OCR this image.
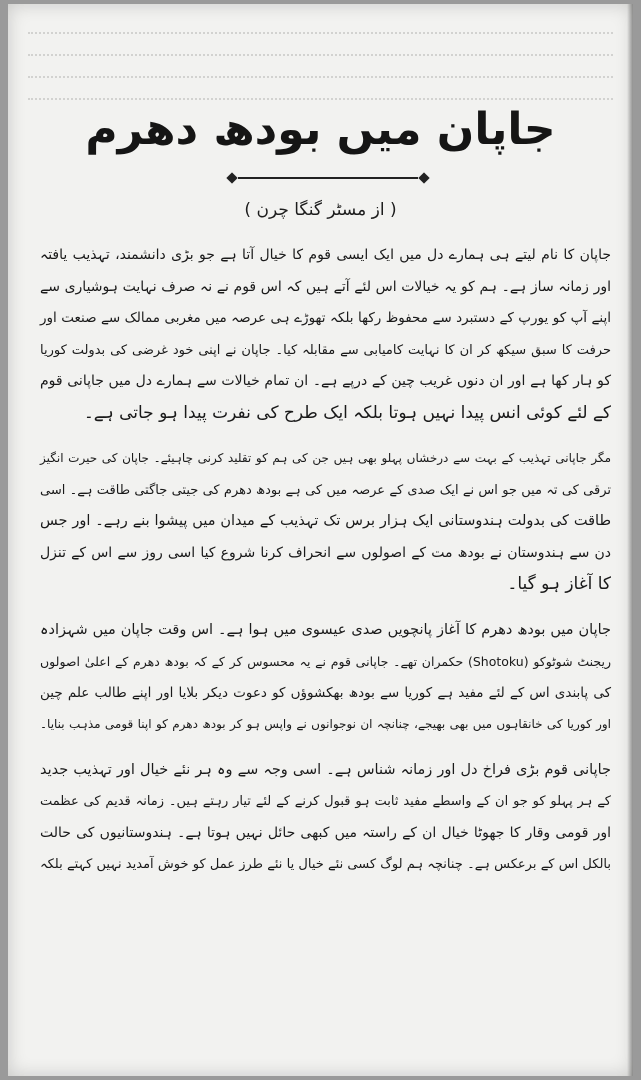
جاپان میں بودھ دھرم
( از مسٹر گنگا چرن )
جاپان کا نام لیتے ہی ہمارے دل میں ایک ایسی قوم کا خیال آتا ہے جو بڑی دانشمند، تہذیب یافتہ
اور زمانہ ساز ہے۔ ہم کو یہ خیالات اس لئے آتے ہیں کہ اس قوم نے نہ صرف نہایت ہوشیاری سے
اپنے آپ کو یورپ کے دستبرد سے محفوظ رکھا بلکہ تھوڑے ہی عرصہ میں مغربی ممالک سے صنعت اور
حرفت کا سبق سیکھ کر ان کا نہایت کامیابی سے مقابلہ کیا۔ جاپان نے اپنی خود غرضی کی بدولت کوریا
کو ہار کھا ہے اور ان دنوں غریب چین کے درپے ہے۔ ان تمام خیالات سے ہمارے دل میں جاپانی قوم
کے لئے کوئی انس پیدا نہیں ہوتا بلکہ ایک طرح کی نفرت پیدا ہو جاتی ہے۔
مگر جاپانی تہذیب کے بہت سے درخشاں پہلو بھی ہیں جن کی ہم کو تقلید کرنی چاہیئے۔ جاپان کی حیرت انگیز
ترقی کی تہ میں جو اس نے ایک صدی کے عرصہ میں کی ہے بودھ دھرم کی جیتی جاگتی طاقت ہے۔ اسی
طاقت کی بدولت ہندوستانی ایک ہزار برس تک تہذیب کے میدان میں پیشوا بنے رہے۔ اور جس
دن سے ہندوستان نے بودھ مت کے اصولوں سے انحراف کرنا شروع کیا اسی روز سے اس کے تنزل
کا آغاز ہو گیا۔
جاپان میں بودھ دھرم کا آغاز پانچویں صدی عیسوی میں ہوا ہے۔ اس وقت جاپان میں شہزادہ
ریجنٹ شوٹوکو (Shotoku) حکمران تھے۔ جاپانی قوم نے یہ محسوس کر کے کہ بودھ دھرم کے اعلیٰ اصولوں
کی پابندی اس کے لئے مفید ہے کوریا سے بودھ بھکشوؤں کو دعوت دیکر بلایا اور اپنے طالب علم چین
اور کوریا کی خانقاہوں میں بھی بھیجے، چنانچہ ان نوجوانوں نے واپس ہو کر بودھ دھرم کو اپنا قومی مذہب بنایا۔
جاپانی قوم بڑی فراخ دل اور زمانہ شناس ہے۔ اسی وجہ سے وہ ہر نئے خیال اور تہذیب جدید
کے ہر پہلو کو جو ان کے واسطے مفید ثابت ہو قبول کرنے کے لئے تیار رہتے ہیں۔ زمانہ قدیم کی عظمت
اور قومی وقار کا جھوٹا خیال ان کے راستہ میں کبھی حائل نہیں ہوتا ہے۔ ہندوستانیوں کی حالت
بالکل اس کے برعکس ہے۔ چنانچہ ہم لوگ کسی نئے خیال یا نئے طرز عمل کو خوش آمدید نہیں کہتے بلکہ
